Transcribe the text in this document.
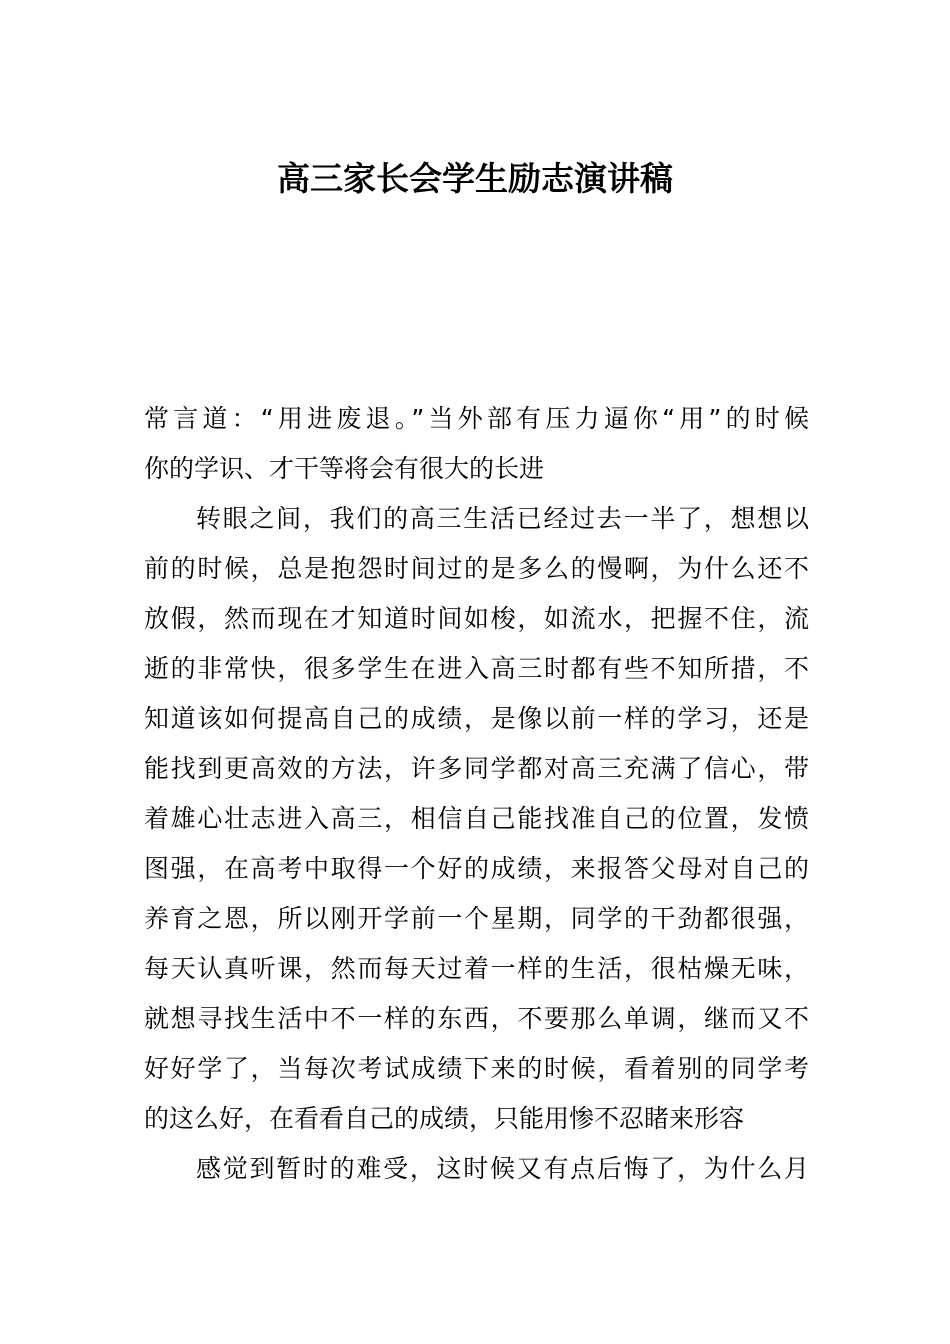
高三家长会学生励志演讲稿
常言道：“用进废退。”当外部有压力逼你“用”的时候
你的学识、才干等将会有很大的长进
转眼之间，我们的高三生活已经过去一半了，想想以
前的时候，总是抱怨时间过的是多么的慢啊，为什么还不
放假，然而现在才知道时间如梭，如流水，把握不住，流
逝的非常快，很多学生在进入高三时都有些不知所措，不
知道该如何提高自己的成绩，是像以前一样的学习，还是
能找到更高效的方法，许多同学都对高三充满了信心，带
着雄心壮志进入高三，相信自己能找准自己的位置，发愤
图强，在高考中取得一个好的成绩，来报答父母对自己的
养育之恩，所以刚开学前一个星期，同学的干劲都很强，
每天认真听课，然而每天过着一样的生活，很枯燥无味，
就想寻找生活中不一样的东西，不要那么单调，继而又不
好好学了，当每次考试成绩下来的时候，看着别的同学考
的这么好，在看看自己的成绩，只能用惨不忍睹来形容
感觉到暂时的难受，这时候又有点后悔了，为什么月
